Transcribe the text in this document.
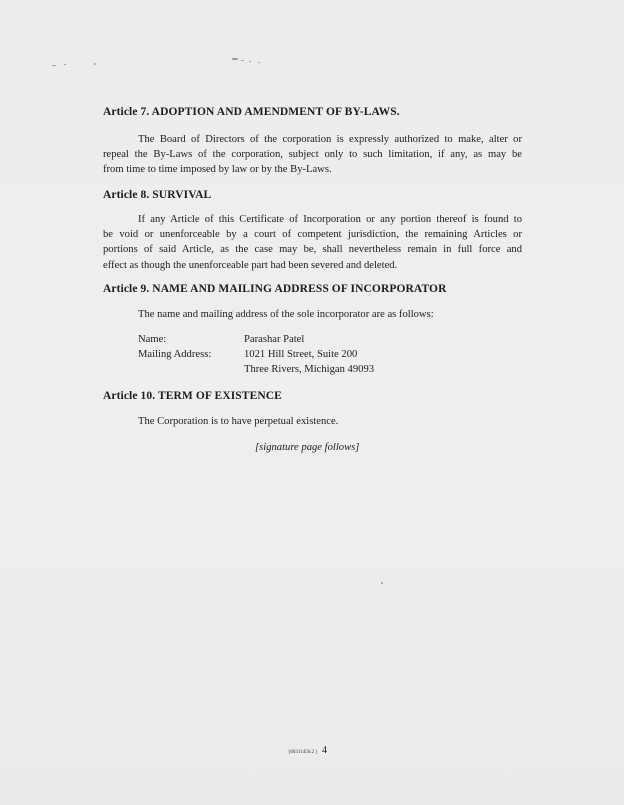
Article 7. ADOPTION AND AMENDMENT OF BY-LAWS.

The Board of Directors of the corporation is expressly authorized to make, alter or

repeal the By-Laws of the corporation, subject only to such limitation, if any, as may be

from time to time imposed by law or by the By-Laws.

Article 8. SURVIVAL

If any Article of this Certificate of Incorporation or any portion thereof is found to

be void or unenforceable by a court of competent jurisdiction, the remaining Articles or

portions of said Article, as the case may be, shall nevertheless remain in full force and

effect as though the unenforceable part had been severed and deleted.

Article 9. NAME AND MAILING ADDRESS OF INCORPORATOR
The name and mailing address of the sole incorporator are as follows:
Name:	Parashar Patel
Mailing Address:	1021 Hill Street, Suite 200
Three Rivers, Michigan 49093
Article 10. TERM OF EXISTENCE
The Corporation is to have perpetual existence.
[signature page follows]
{60311456:2 } 4
